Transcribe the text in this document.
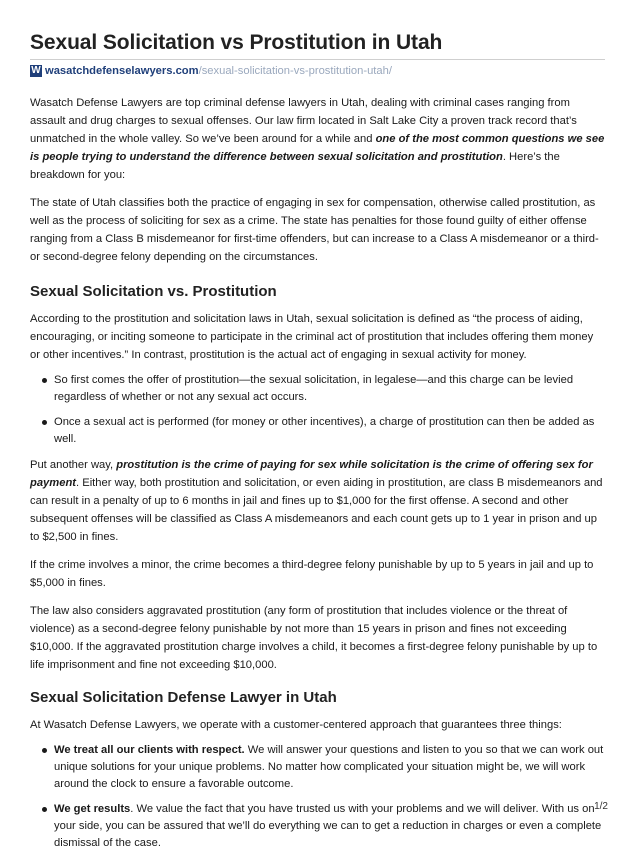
Sexual Solicitation vs Prostitution in Utah
W wasatchdefenselawyers.com /sexual-solicitation-vs-prostitution-utah/

Wasatch Defense Lawyers are top criminal defense lawyers in Utah, dealing with criminal cases ranging from assault and drug charges to sexual offenses. Our law firm located in Salt Lake City a proven track record that’s unmatched in the whole valley. So we’ve been around for a while and one of the most common questions we see is people trying to understand the difference between sexual solicitation and prostitution. Here’s the breakdown for you:

The state of Utah classifies both the practice of engaging in sex for compensation, otherwise called prostitution, as well as the process of soliciting for sex as a crime. The state has penalties for those found guilty of either offense ranging from a Class B misdemeanor for first-time offenders, but can increase to a Class A misdemeanor or a third- or second-degree felony depending on the circumstances.

Sexual Solicitation vs. Prostitution

According to the prostitution and solicitation laws in Utah, sexual solicitation is defined as “the process of aiding, encouraging, or inciting someone to participate in the criminal act of prostitution that includes offering them money or other incentives.” In contrast, prostitution is the actual act of engaging in sexual activity for money.

So first comes the offer of prostitution—the sexual solicitation, in legalese—and this charge can be levied regardless of whether or not any sexual act occurs.
Once a sexual act is performed (for money or other incentives), a charge of prostitution can then be added as well.

Put another way, prostitution is the crime of paying for sex while solicitation is the crime of offering sex for payment. Either way, both prostitution and solicitation, or even aiding in prostitution, are class B misdemeanors and can result in a penalty of up to 6 months in jail and fines up to $1,000 for the first offense. A second and other subsequent offenses will be classified as Class A misdemeanors and each count gets up to 1 year in prison and up to $2,500 in fines.

If the crime involves a minor, the crime becomes a third-degree felony punishable by up to 5 years in jail and up to $5,000 in fines.

The law also considers aggravated prostitution (any form of prostitution that includes violence or the threat of violence) as a second-degree felony punishable by not more than 15 years in prison and fines not exceeding $10,000. If the aggravated prostitution charge involves a child, it becomes a first-degree felony punishable by up to life imprisonment and fine not exceeding $10,000.

Sexual Solicitation Defense Lawyer in Utah

At Wasatch Defense Lawyers, we operate with a customer-centered approach that guarantees three things:

We treat all our clients with respect. We will answer your questions and listen to you so that we can work out unique solutions for your unique problems. No matter how complicated your situation might be, we will work around the clock to ensure a favorable outcome.
We get results. We value the fact that you have trusted us with your problems and we will deliver. With us on your side, you can be assured that we’ll do everything we can to get a reduction in charges or even a complete dismissal of the case.
1/2
